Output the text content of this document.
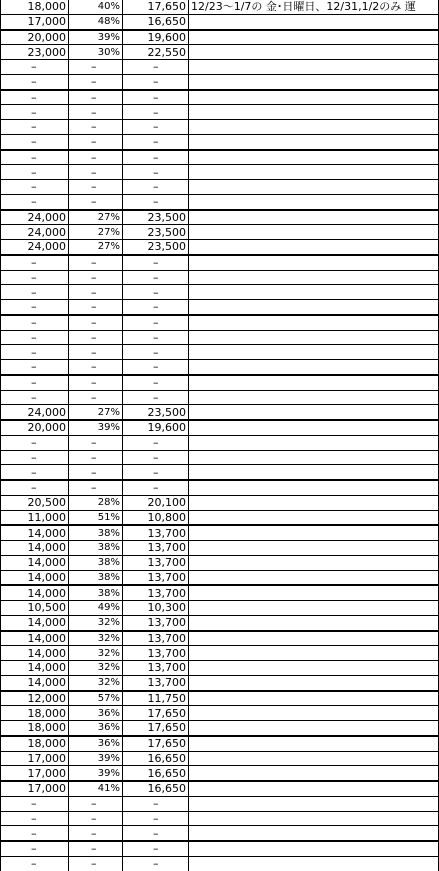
18,000	40%	17,650	12/23～1/7の 金･日曜日、12/31,1/2のみ 運
17,000	48%	16,650	
20,000	39%	19,600	
23,000	30%	22,550	
–	–	–	
–	–	–	
–	–	–	
–	–	–	
–	–	–	
–	–	–	
–	–	–	
–	–	–	
–	–	–	
–	–	–	
24,000	27%	23,500	
24,000	27%	23,500	
24,000	27%	23,500	
–	–	–	
–	–	–	
–	–	–	
–	–	–	
–	–	–	
–	–	–	
–	–	–	
–	–	–	
–	–	–	
–	–	–	
24,000	27%	23,500	
20,000	39%	19,600	
–	–	–	
–	–	–	
–	–	–	
–	–	–	
20,500	28%	20,100	
11,000	51%	10,800	
14,000	38%	13,700	
14,000	38%	13,700	
14,000	38%	13,700	
14,000	38%	13,700	
14,000	38%	13,700	
10,500	49%	10,300	
14,000	32%	13,700	
14,000	32%	13,700	
14,000	32%	13,700	
14,000	32%	13,700	
14,000	32%	13,700	
12,000	57%	11,750	
18,000	36%	17,650	
18,000	36%	17,650	
18,000	36%	17,650	
17,000	39%	16,650	
17,000	39%	16,650	
17,000	41%	16,650	
–	–	–	
–	–	–	
–	–	–	
–	–	–	
–	–	–	
